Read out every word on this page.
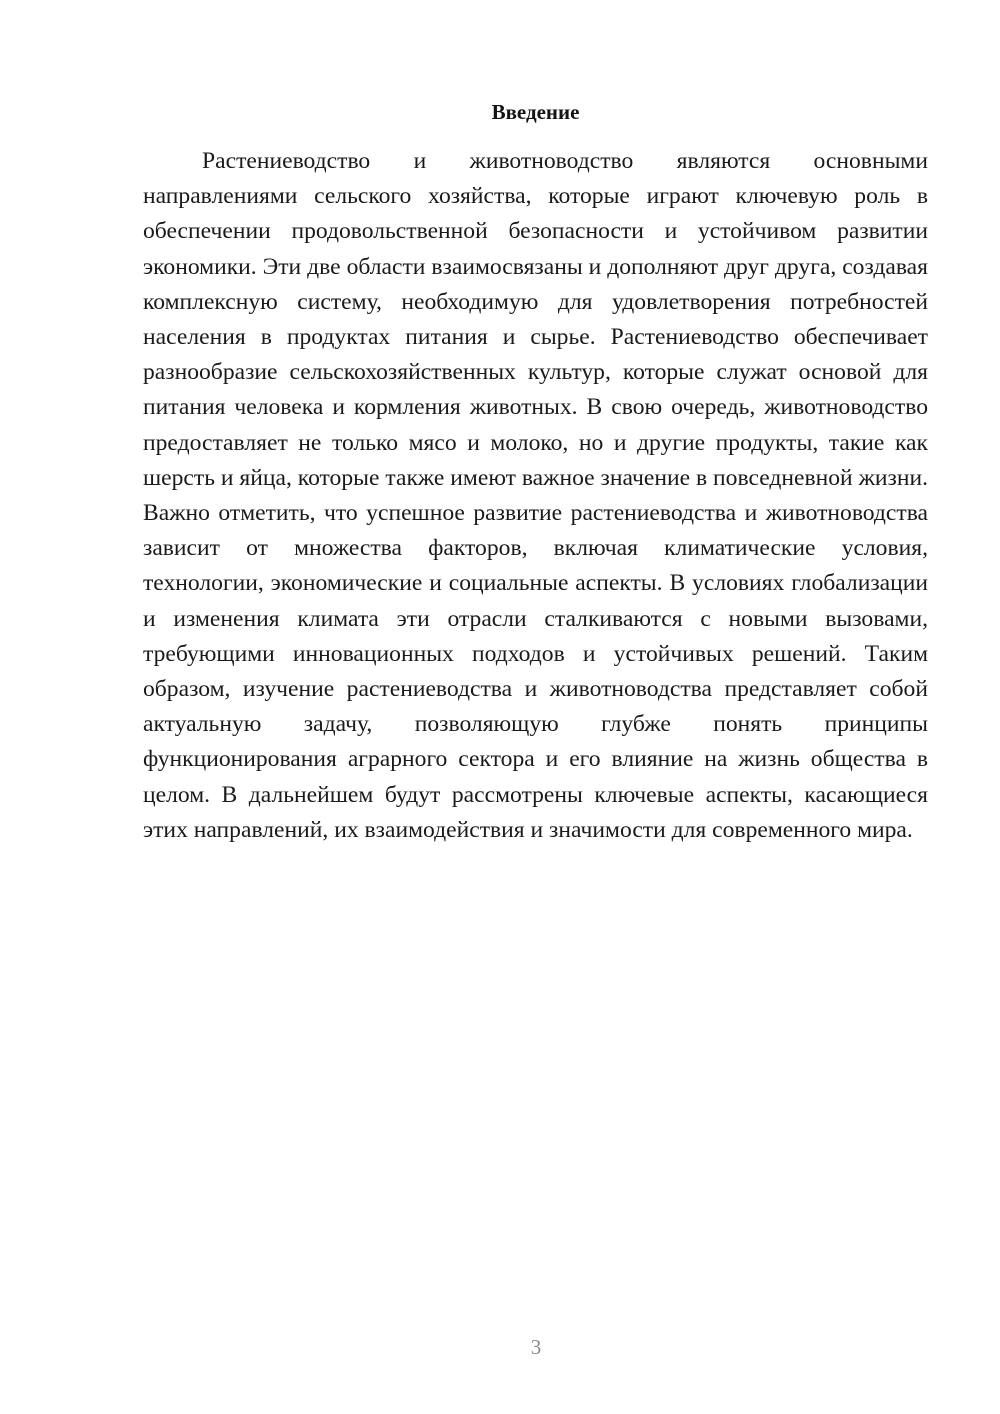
Введение

Растениеводство и животноводство являются основными направлениями сельского хозяйства, которые играют ключевую роль в обеспечении продовольственной безопасности и устойчивом развитии экономики. Эти две области взаимосвязаны и дополняют друг друга, создавая комплексную систему, необходимую для удовлетворения потребностей населения в продуктах питания и сырье. Растениеводство обеспечивает разнообразие сельскохозяйственных культур, которые служат основой для питания человека и кормления животных. В свою очередь, животноводство предоставляет не только мясо и молоко, но и другие продукты, такие как шерсть и яйца, которые также имеют важное значение в повседневной жизни. Важно отметить, что успешное развитие растениеводства и животноводства зависит от множества факторов, включая климатические условия, технологии, экономические и социальные аспекты. В условиях глобализации и изменения климата эти отрасли сталкиваются с новыми вызовами, требующими инновационных подходов и устойчивых решений. Таким образом, изучение растениеводства и животноводства представляет собой актуальную задачу, позволяющую глубже понять принципы функционирования аграрного сектора и его влияние на жизнь общества в целом. В дальнейшем будут рассмотрены ключевые аспекты, касающиеся этих направлений, их взаимодействия и значимости для современного мира.

3
